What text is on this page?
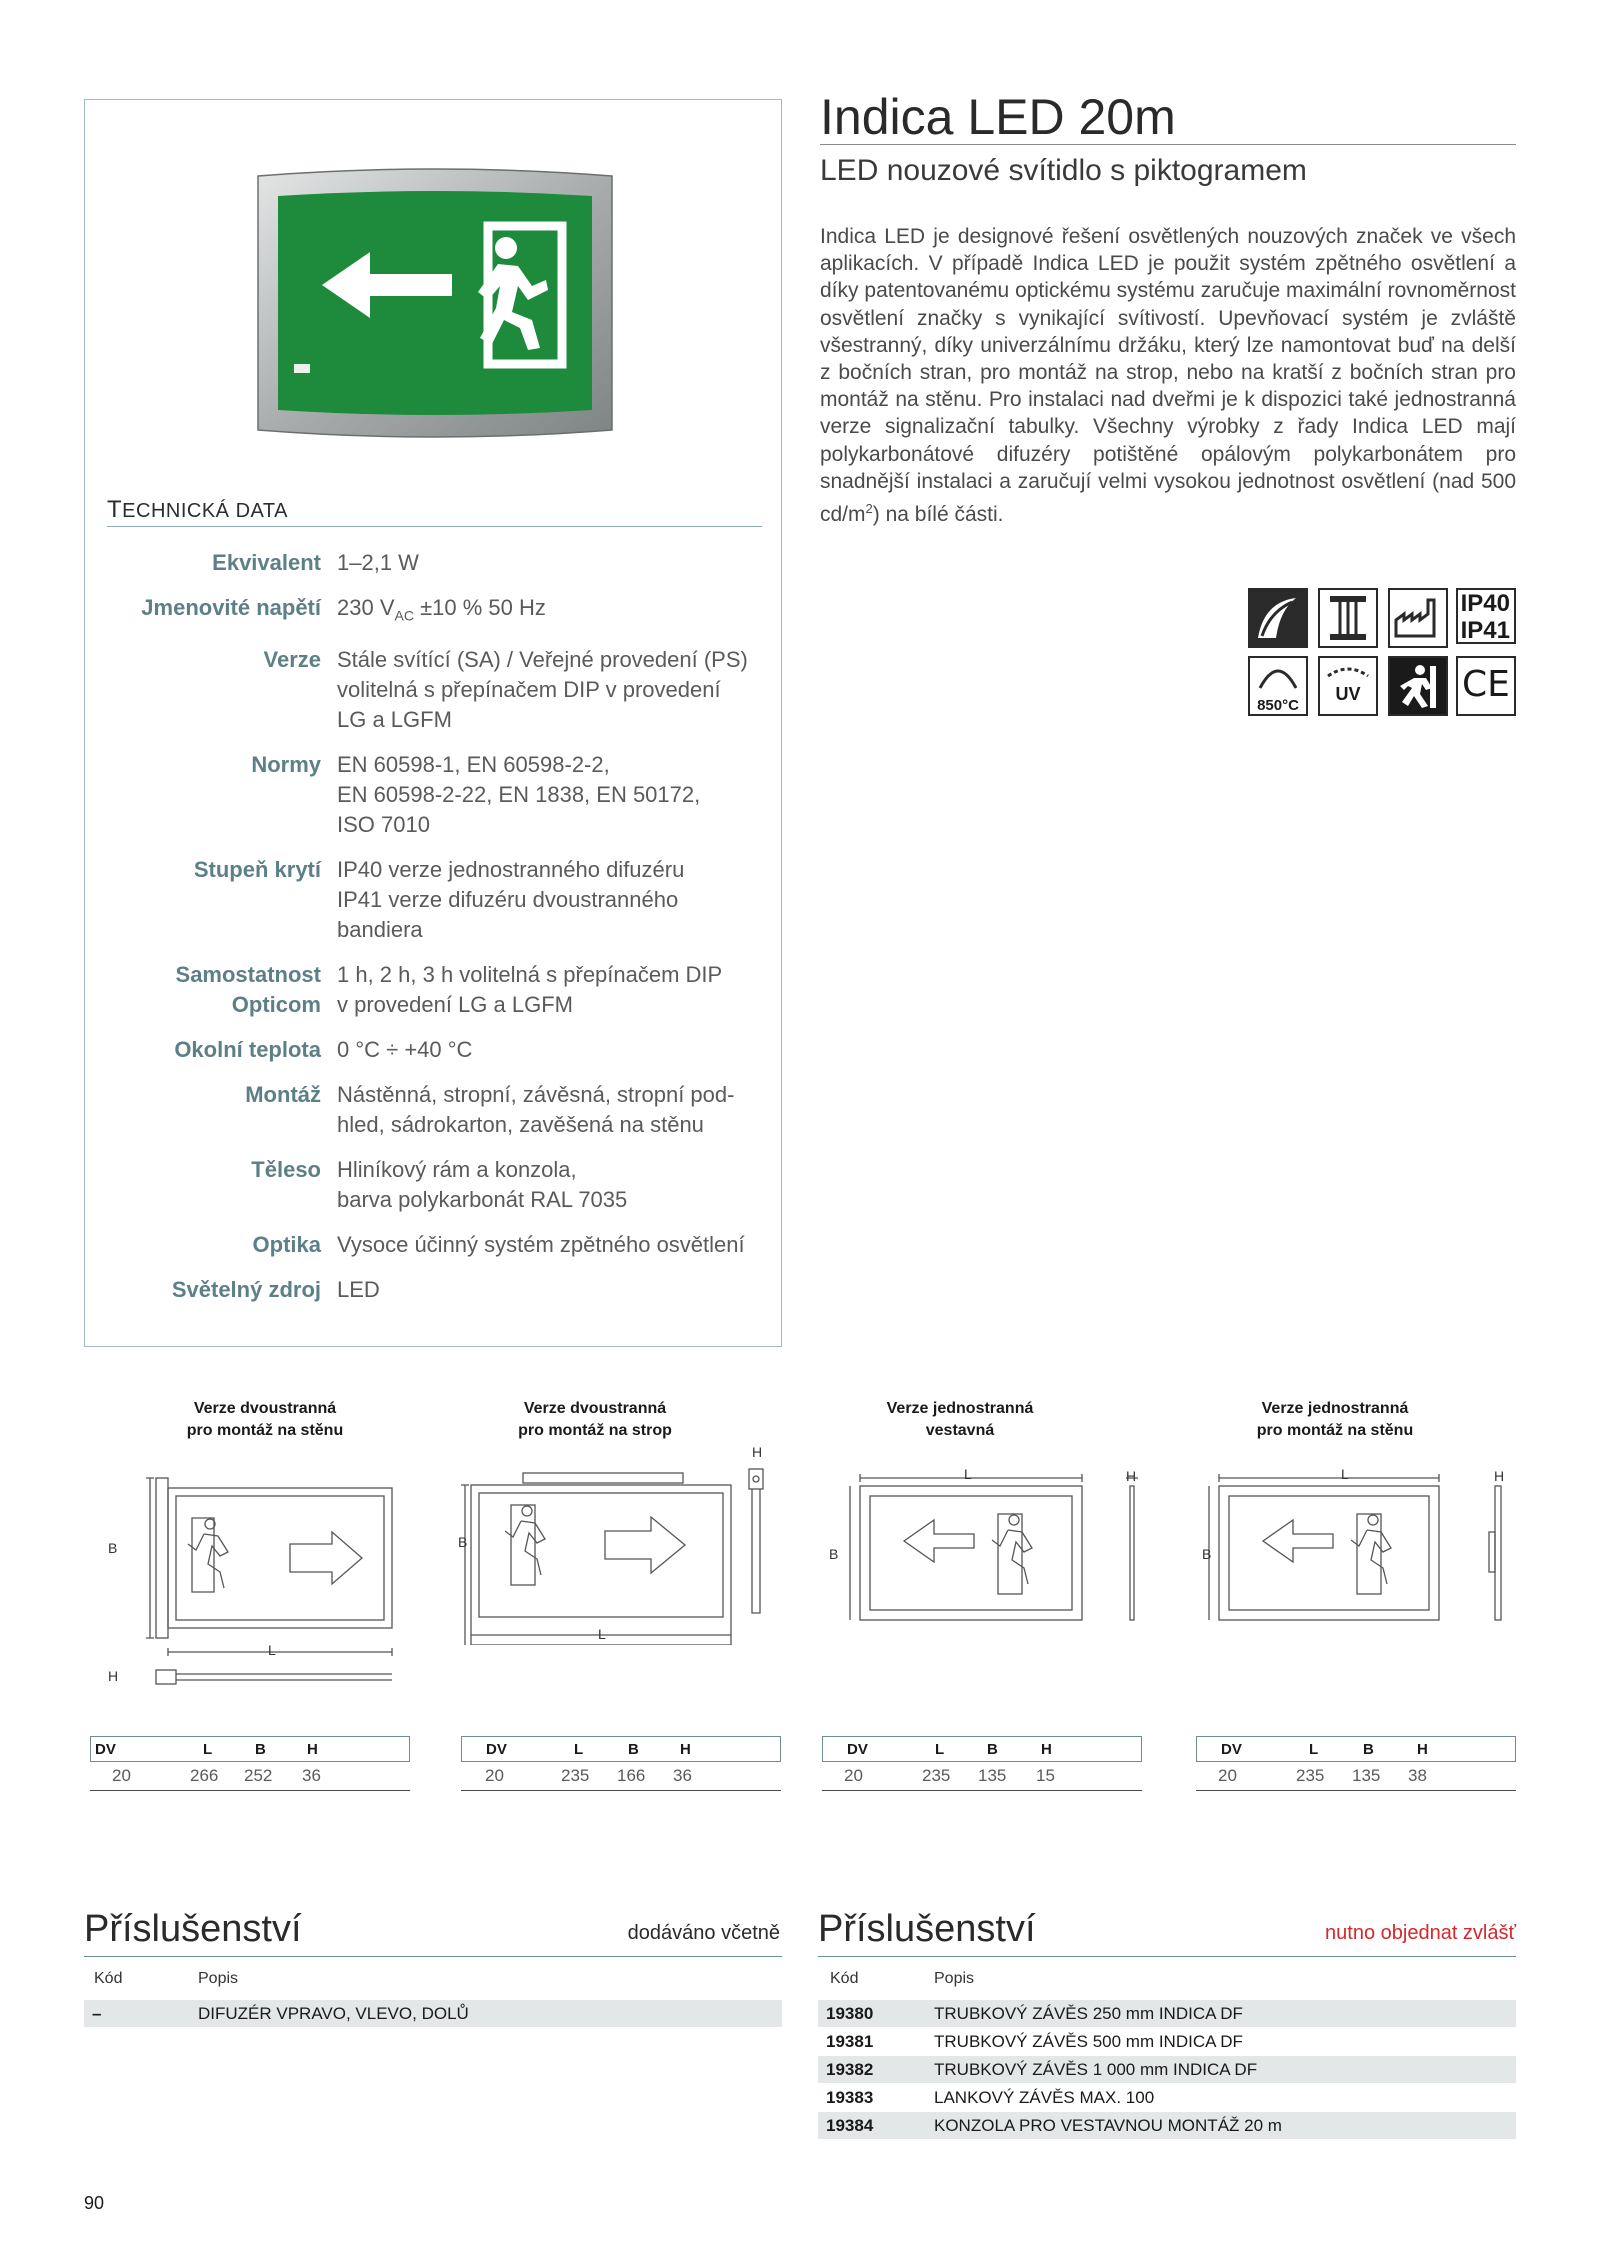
TECHNICKÁ DATA
Ekvivalent 1–2,1 W
Jmenovité napětí 230 $V_{AC} \pm 10$ % 50 Hz
Verze Stále svítící (SA) / Veřejné provedení (PS)
volitelná s přepínačem DIP v provedení
LG a LGFM
Normy EN 60598-1, EN 60598-2-2,
EN 60598-2-22, EN 1838, EN 50172,
ISO 7010
Stupeň krytí IP40 verze jednostranného difuzéru
IP41 verze difuzéru dvoustranného
bandiera
Samostatnost
Opticom
1 h, 2 h, 3 h volitelná s přepínačem DIP
v provedení LG a LGFM
Okolní teplota 0 °C ÷ +40 °C
Montáž Nástěnná, stropní, závěsná, stropní pod-
hled, sádrokarton, zavěšená na stěnu
Těleso Hliníkový rám a konzola,
barva polykarbonát RAL 7035
Optika Vysoce účinný systém zpětného osvětlení
Světelný zdroj LED
Indica LED 20m
LED nouzové svítidlo s piktogramem
Indica LED je designové řešení osvětlených nouzových značek ve všech aplikacích. V případě Indica LED je použit systém zpětného osvětlení a díky patentovanému optickému systému zaručuje maximální rovnoměrnost osvětlení značky s vynikající svítivostí. Upevňovací systém je zvláště všestranný, díky univerzálnímu držáku, který lze namontovat buď na delší z bočních stran, pro montáž na strop, nebo na kratší z bočních stran pro montáž na stěnu. Pro instalaci nad dveřmi je k dispozici také jednostranná verze signalizační tabulky. Všechny výrobky z řady Indica LED mají polykarbonátové difuzéry potištěné opálovým polykarbonátem pro snadnější instalaci a zaručují velmi vysokou jednotnost osvětlení (nad 500 $cd/m^2$) na bílé části.
IP40
IP41
850°C
UV	CE
Verze dvoustranná
pro montáž na stěnu
Verze dvoustranná
pro montáž na strop
Verze jednostranná
vestavná
Verze jednostranná
pro montáž na stěnu
B
L
H
B
L
H
B
L	H
B
L	H
DV	L	B	H
20	266 252 36
DV	L	B	H
20	235 166 36
DV	L	B	H
20	235 135 15
DV	L	B	H
20	235 135 38
Příslušenství	dodáváno včetně
Kód	Popis
–	DIFUZÉR VPRAVO, VLEVO, DOLŮ
Příslušenství	nutno objednat zvlášť
Kód	Popis
19380	TRUBKOVÝ ZÁVĚS 250 mm INDICA DF
19381	TRUBKOVÝ ZÁVĚS 500 mm INDICA DF
19382	TRUBKOVÝ ZÁVĚS 1 000 mm INDICA DF
19383	LANKOVÝ ZÁVĚS MAX. 100
19384	KONZOLA PRO VESTAVNOU MONTÁŽ 20 m
90
